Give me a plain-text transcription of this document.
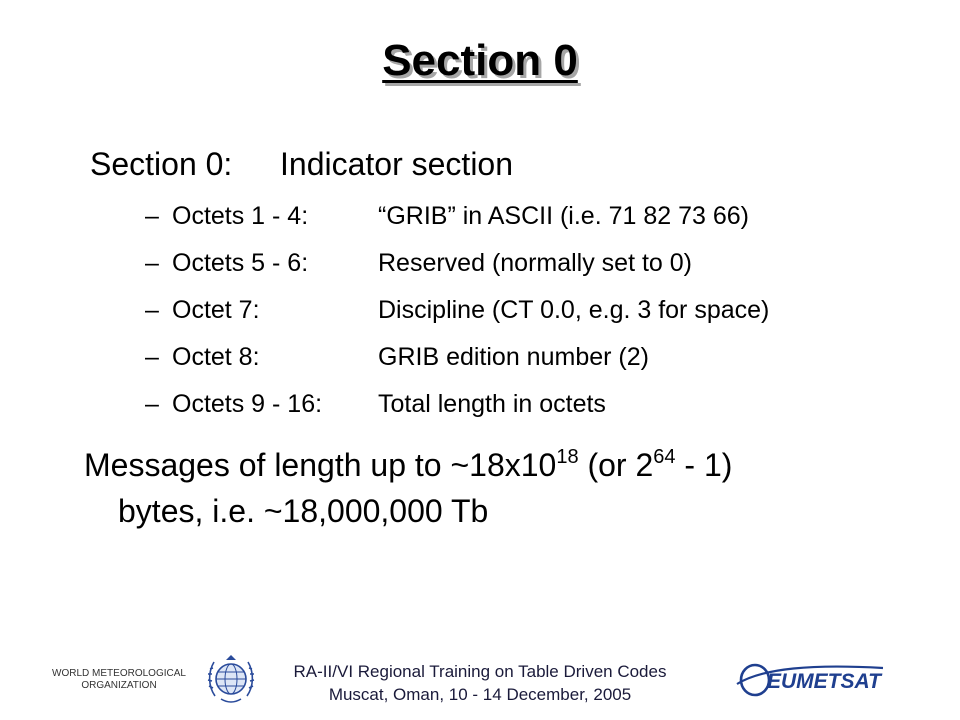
Section 0
Section 0: Indicator section
– Octets 1 - 4:	“GRIB” in ASCII (i.e. 71 82 73 66)
– Octets 5 - 6:	Reserved (normally set to 0)
– Octet 7:	Discipline (CT 0.0, e.g. 3 for space)
– Octet 8:	GRIB edition number (2)
– Octets 9 - 16: Total length in octets
Messages of length up to $\sim 18x10^{18}$ (or $2^{64} - 1$)
bytes, i.e. ~18,000,000 Tb
WORLD METEOROLOGICAL
ORGANIZATION
RA-II/VI Regional Training on Table Driven Codes
Muscat, Oman, 10 - 14 December, 2005
EUMETSAT
